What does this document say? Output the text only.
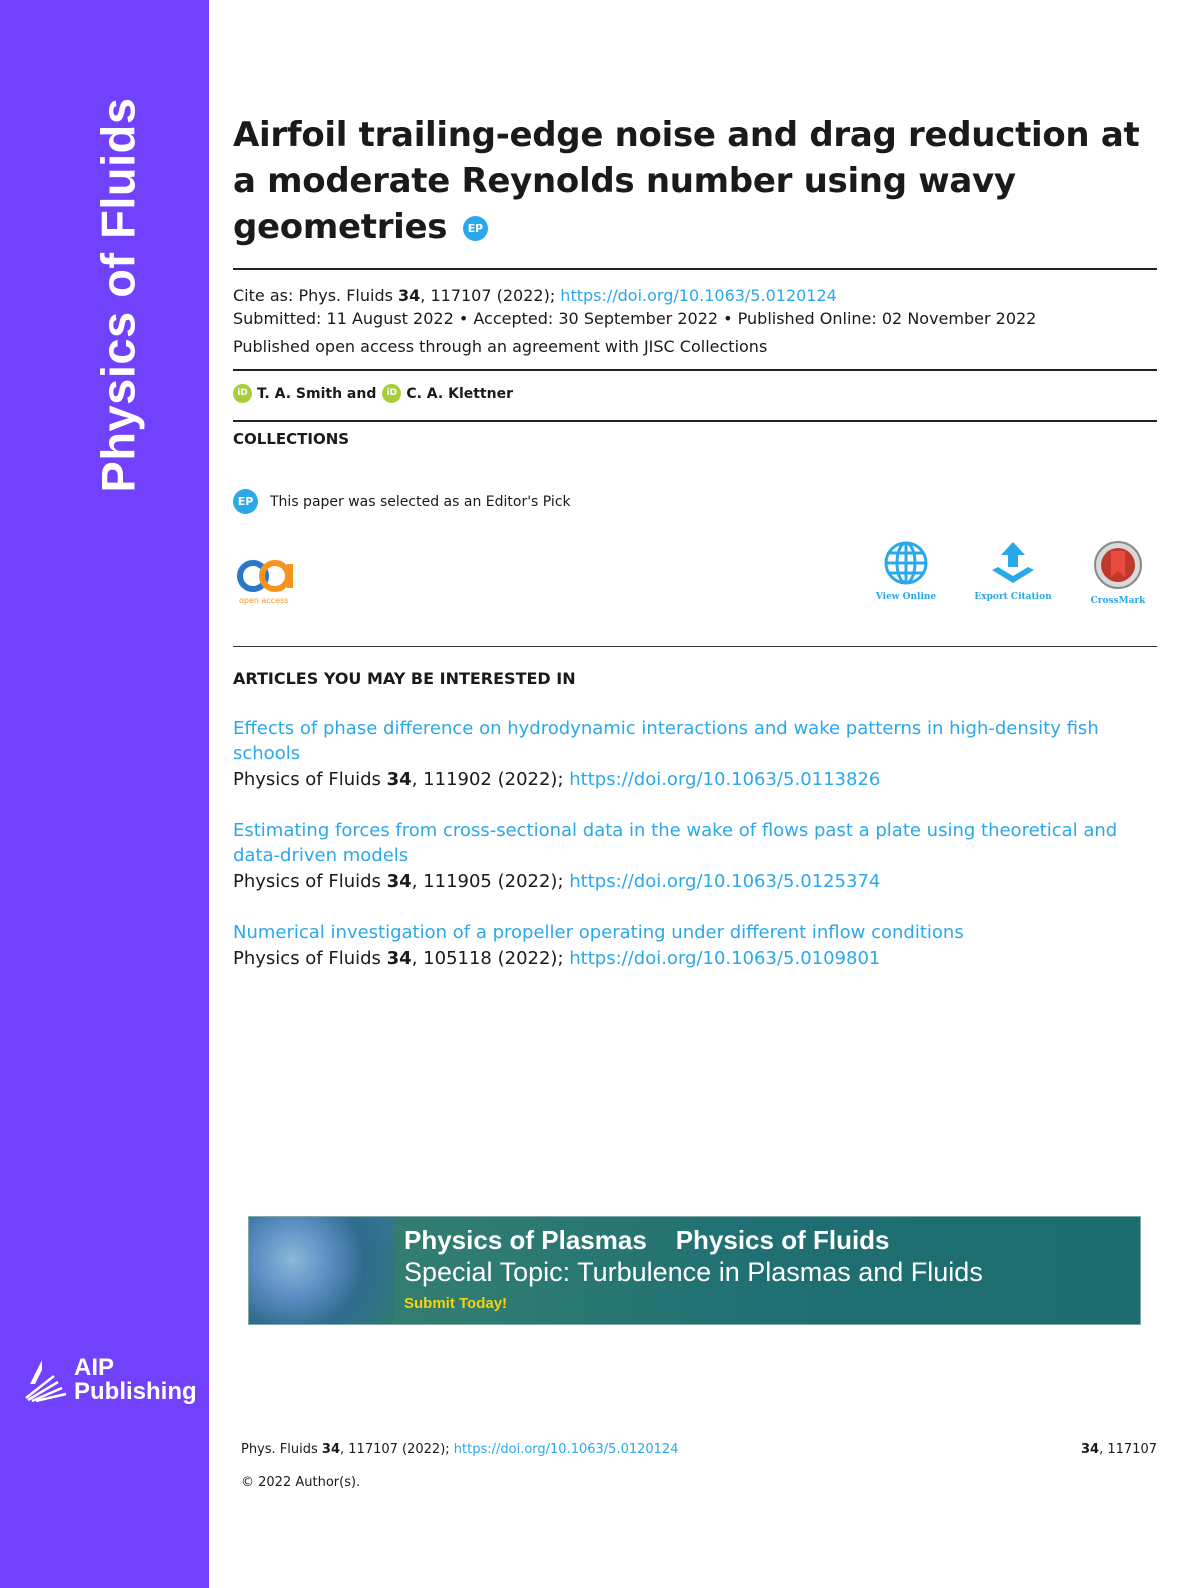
Physics of Fluids
AIP
Publishing
Airfoil trailing-edge noise and drag reduction at a moderate Reynolds number using wavy geometries EP
Cite as: Phys. Fluids 34, 117107 (2022); https://doi.org/10.1063/5.0120124
Submitted: 11 August 2022 • Accepted: 30 September 2022 • Published Online: 02 November 2022
Published open access through an agreement with JISC Collections
iD T. A. Smith and	iD C. A. Klettner
COLLECTIONS
EP	This paper was selected as an Editor's Pick
open access	View Online	Export Citation	CrossMark
ARTICLES YOU MAY BE INTERESTED IN
Effects of phase difference on hydrodynamic interactions and wake patterns in high-density fish schools
Physics of Fluids 34, 111902 (2022); https://doi.org/10.1063/5.0113826
Estimating forces from cross-sectional data in the wake of flows past a plate using theoretical and data-driven models
Physics of Fluids 34, 111905 (2022); https://doi.org/10.1063/5.0125374
Numerical investigation of a propeller operating under different inflow conditions
Physics of Fluids 34, 105118 (2022); https://doi.org/10.1063/5.0109801
Physics of Plasmas    Physics of Fluids
Special Topic: Turbulence in Plasmas and Fluids
Submit Today!
Phys. Fluids 34, 117107 (2022); https://doi.org/10.1063/5.0120124	34, 117107
© 2022 Author(s).
